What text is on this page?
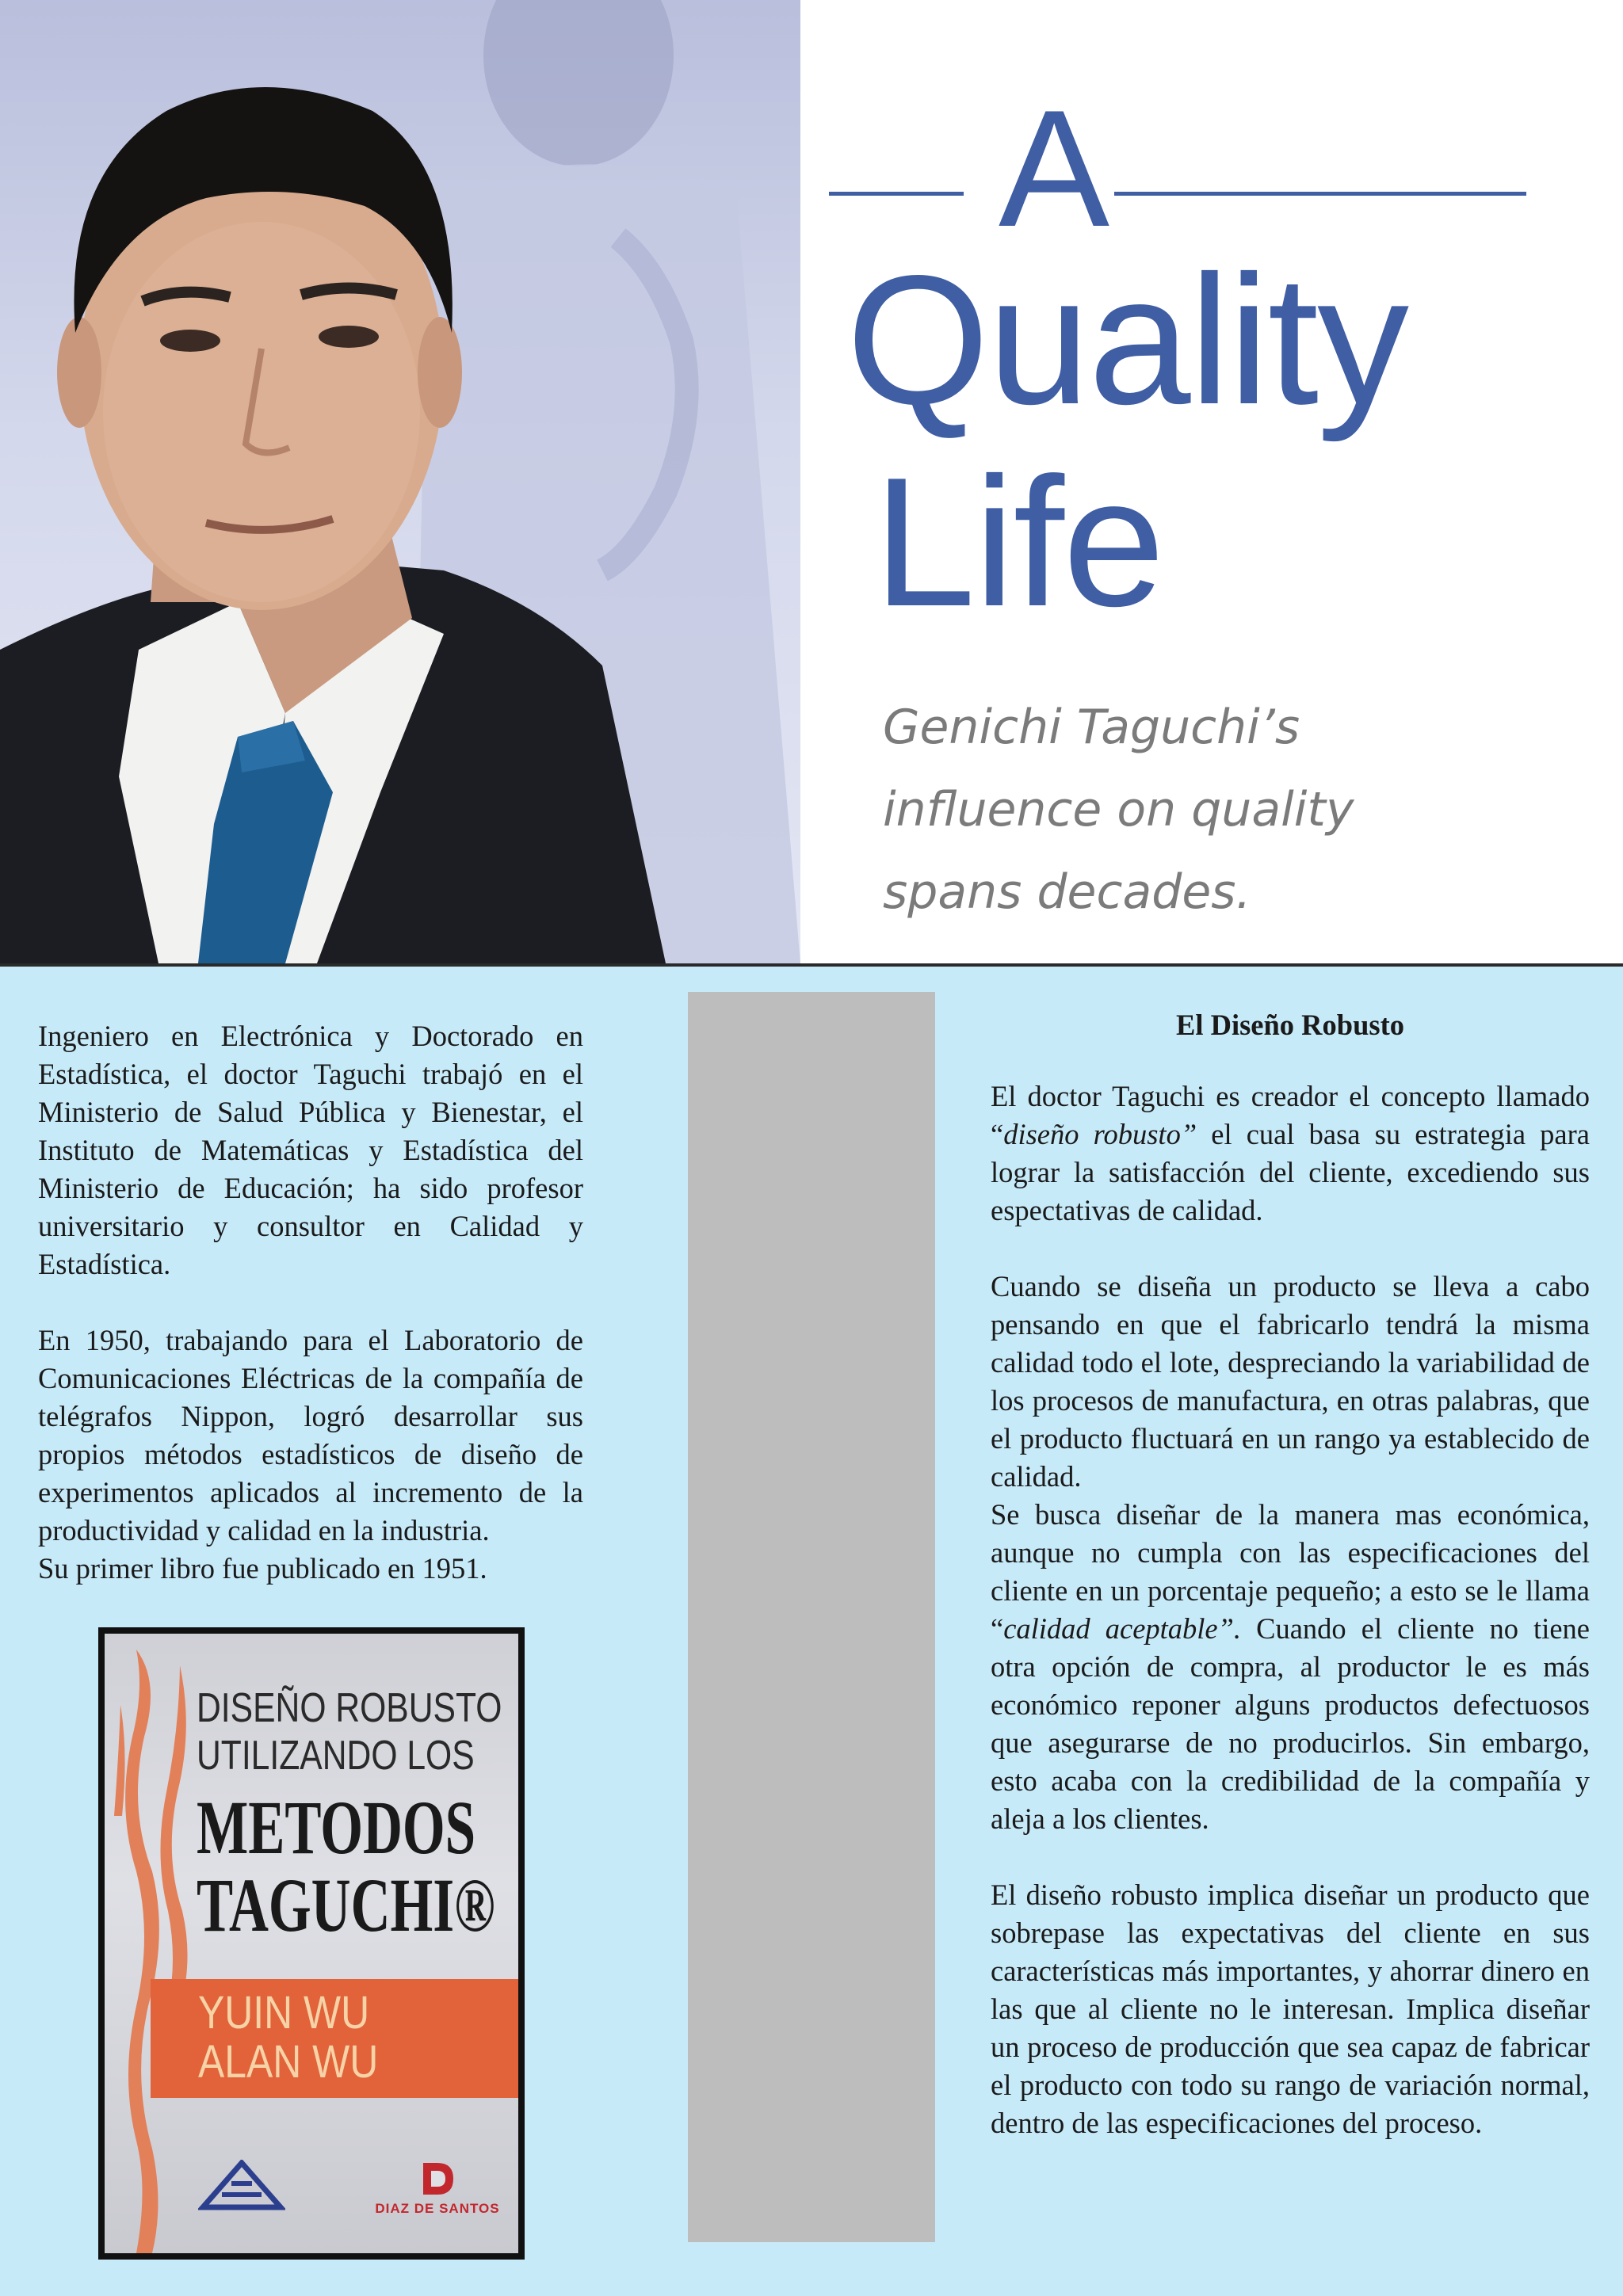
A
Quality
Life

Genichi Taguchi’s
influence on quality
spans decades.

Ingeniero en Electrónica y Doctorado en Estadística, el doctor Taguchi trabajó en el Ministerio de Salud Pública y Bienestar, el Instituto de Matemáticas y Estadística del Ministerio de Educación; ha sido profesor universitario y consultor en Calidad y Estadística.

En 1950, trabajando para el Laboratorio de Comunicaciones Eléctricas de la compañía de telégrafos Nippon, logró desarrollar sus propios métodos estadísticos de diseño de experimentos aplicados al incremento de la productividad y calidad en la industria.

Su primer libro fue publicado en 1951.

DISEÑO ROBUSTO
UTILIZANDO LOS
METODOS
TAGUCHI®
YUIN WU
ALAN WU
DIAZ DE SANTOS
El Diseño Robusto

El doctor Taguchi es creador el concepto llamado “diseño robusto” el cual basa su estrategia para lograr la satisfacción del cliente, excediendo sus espectativas de calidad.

Cuando se diseña un producto se lleva a cabo pensando en que el fabricarlo tendrá la misma calidad todo el lote, despreciando la variabilidad de los procesos de manufactura, en otras palabras, que el producto fluctuará en un rango ya establecido de calidad.

Se busca diseñar de la manera mas económica, aunque no cumpla con las especificaciones del cliente en un porcentaje pequeño; a esto se le llama “calidad aceptable”. Cuando el cliente no tiene otra opción de compra, al productor le es más económico reponer alguns productos defectuosos que asegurarse de no producirlos. Sin embargo, esto acaba con la credibilidad de la compañía y aleja a los clientes.

El diseño robusto implica diseñar un producto que sobrepase las expectativas del cliente en sus características más importantes, y ahorrar dinero en las que al cliente no le interesan. Implica diseñar un proceso de producción que sea capaz de fabricar el producto con todo su rango de variación normal, dentro de las especificaciones del proceso.
